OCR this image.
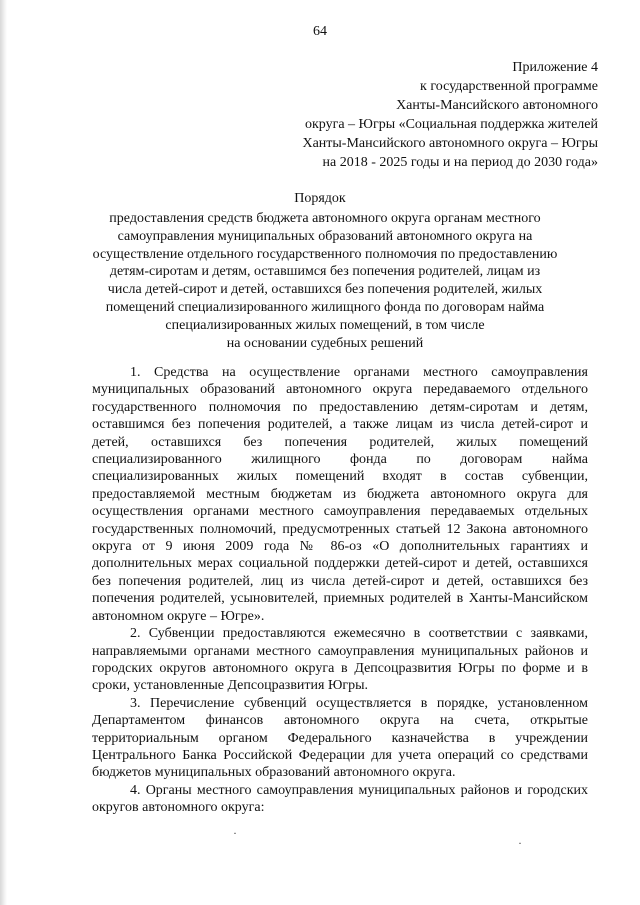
64
Приложение 4
к государственной программе
Ханты-Мансийского автономного
округа – Югры «Социальная поддержка жителей
Ханты-Мансийского автономного округа – Югры
на 2018 - 2025 годы и на период до 2030 года»
Порядок
предоставления средств бюджета автономного округа органам местного
самоуправления муниципальных образований автономного округа на
осуществление отдельного государственного полномочия по предоставлению
детям-сиротам и детям, оставшимся без попечения родителей, лицам из
числа детей-сирот и детей, оставшихся без попечения родителей, жилых
помещений специализированного жилищного фонда по договорам найма
специализированных жилых помещений, в том числе
на основании судебных решений

1. Средства на осуществление органами местного самоуправления муниципальных образований автономного округа передаваемого отдельного государственного полномочия по предоставлению детям-сиротам и детям, оставшимся без попечения родителей, а также лицам из числа детей-сирот и детей, оставшихся без попечения родителей, жилых помещений специализированного жилищного фонда по договорам найма специализированных жилых помещений входят в состав субвенции, предоставляемой местным бюджетам из бюджета автономного округа для осуществления органами местного самоуправления передаваемых отдельных государственных полномочий, предусмотренных статьей 12 Закона автономного округа от 9 июня 2009 года № 86-оз «О дополнительных гарантиях и дополнительных мерах социальной поддержки детей-сирот и детей, оставшихся без попечения родителей, лиц из числа детей-сирот и детей, оставшихся без попечения родителей, усыновителей, приемных родителей в Ханты-Мансийском автономном округе – Югре».

2. Субвенции предоставляются ежемесячно в соответствии с заявками, направляемыми органами местного самоуправления муниципальных районов и городских округов автономного округа в Депсоцразвития Югры по форме и в сроки, установленные Депсоцразвития Югры.

3. Перечисление субвенций осуществляется в порядке, установленном Департаментом финансов автономного округа на счета, открытые территориальным органом Федерального казначейства в учреждении Центрального Банка Российской Федерации для учета операций со средствами бюджетов муниципальных образований автономного округа.

4. Органы местного самоуправления муниципальных районов и городских округов автономного округа:

·
·
